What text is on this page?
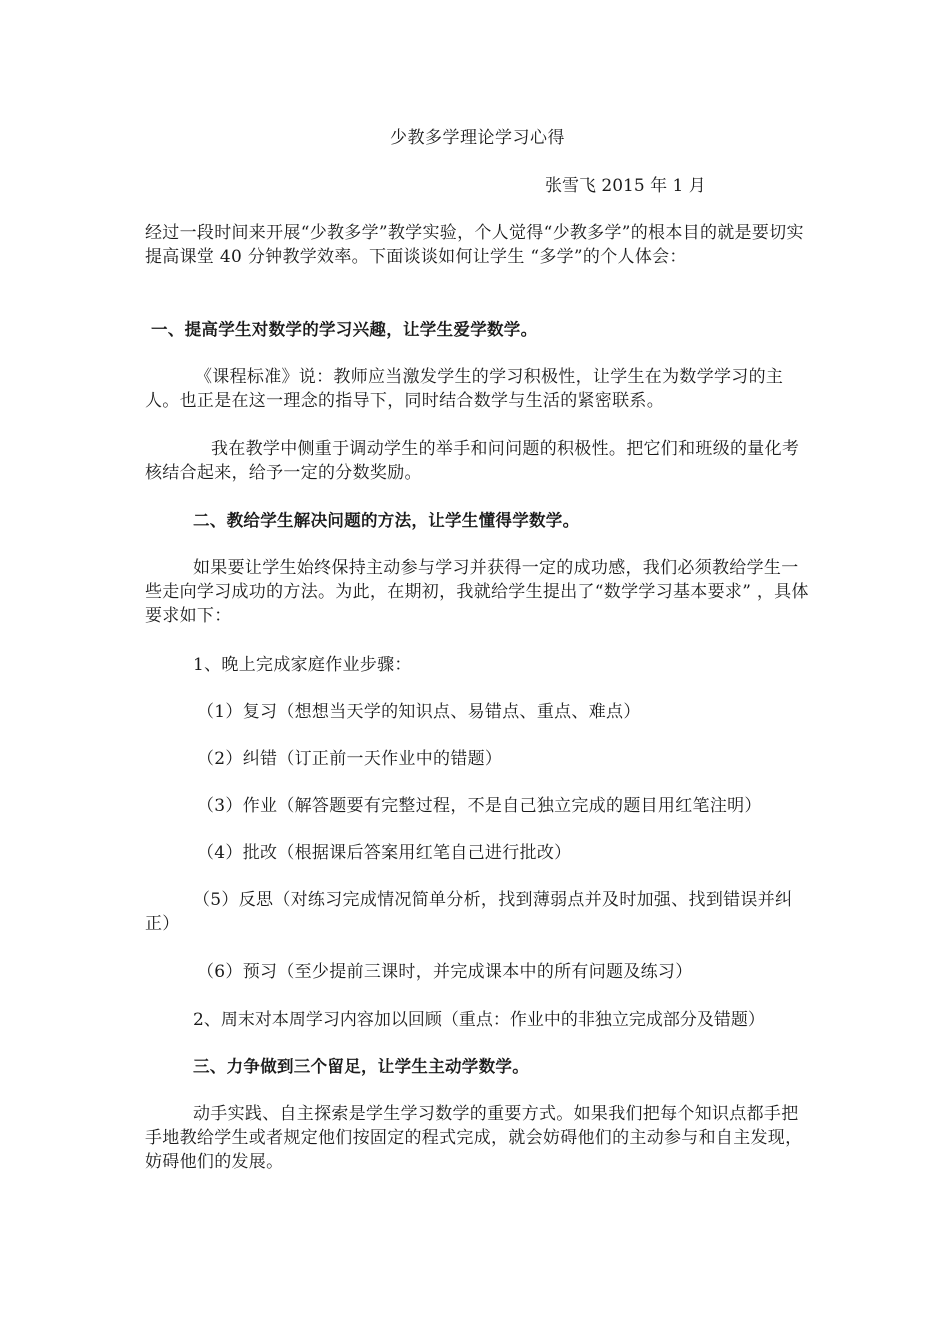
少教多学理论学习心得
张雪飞 2015 年 1 月
经过一段时间来开展“少教多学”教学实验，个人觉得“少教多学”的根本目的就是要切实提高课堂 40 分钟教学效率。下面谈谈如何让学生 “多学”的个人体会：
一、提高学生对数学的学习兴趣，让学生爱学数学。
《课程标准》说：教师应当激发学生的学习积极性，让学生在为数学学习的主人。也正是在这一理念的指导下，同时结合数学与生活的紧密联系。
我在教学中侧重于调动学生的举手和问问题的积极性。把它们和班级的量化考核结合起来，给予一定的分数奖励。
二、教给学生解决问题的方法，让学生懂得学数学。
如果要让学生始终保持主动参与学习并获得一定的成功感，我们必须教给学生一些走向学习成功的方法。为此，在期初，我就给学生提出了“数学学习基本要求” ，具体要求如下：
1、晚上完成家庭作业步骤：
（1）复习（想想当天学的知识点、易错点、重点、难点）
（2）纠错（订正前一天作业中的错题）
（3）作业（解答题要有完整过程，不是自己独立完成的题目用红笔注明）
（4）批改（根据课后答案用红笔自己进行批改）
（5）反思（对练习完成情况简单分析，找到薄弱点并及时加强、找到错误并纠正）
（6）预习（至少提前三课时，并完成课本中的所有问题及练习）
2、周末对本周学习内容加以回顾（重点：作业中的非独立完成部分及错题）
三、力争做到三个留足，让学生主动学数学。
动手实践、自主探索是学生学习数学的重要方式。如果我们把每个知识点都手把手地教给学生或者规定他们按固定的程式完成，就会妨碍他们的主动参与和自主发现，妨碍他们的发展。
